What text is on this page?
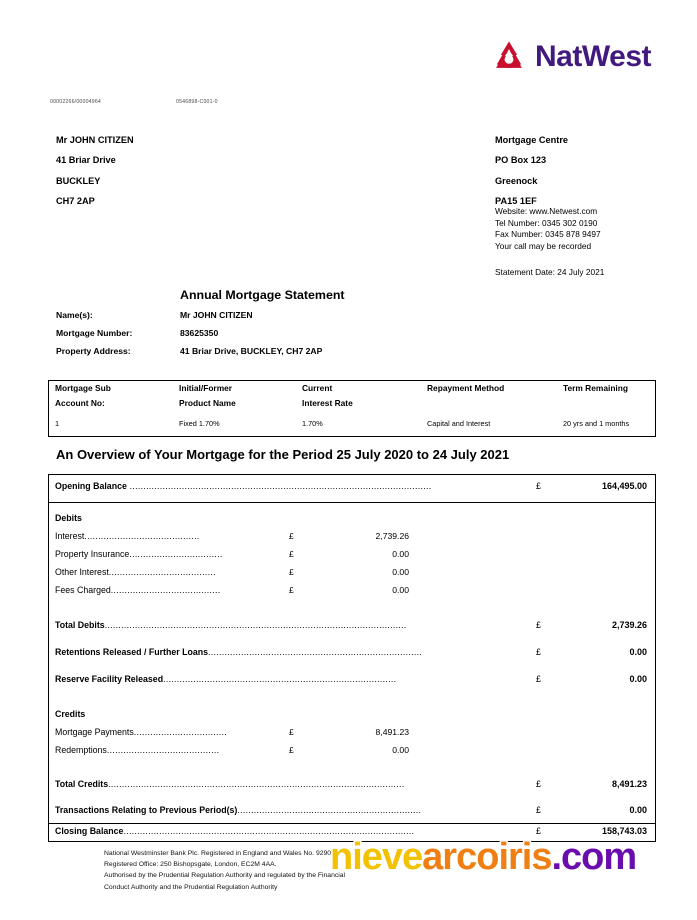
NatWest
00002266/00004964	0546898-C001-0
Mr JOHN CITIZEN
41 Briar Drive
BUCKLEY
CH7 2AP
Mortgage Centre
PO Box 123
Greenock
PA15 1EF
Website: www.Netwest.com
Tel Number: 0345 302 0190
Fax Number: 0345 878 9497
Your call may be recorded
Statement Date: 24 July 2021
Annual Mortgage Statement
Name(s):	Mr JOHN CITIZEN
Mortgage Number:	83625350
Property Address:	41 Briar Drive, BUCKLEY, CH7 2AP
Mortgage Sub	Initial/Former	Current	Repayment Method	Term Remaining
Account No:	Product Name	Interest Rate
1	Fixed 1.70%	1.70%	Capital and Interest	20 yrs and 1 months
An Overview of Your Mortgage for the Period 25 July 2020 to 24 July 2021
Opening Balance ..............................................................................................................	£	164,495.00
Debits
Interest..........................................	£	2,739.26
Property Insurance..................................	£	0.00
Other Interest.......................................	£	0.00
Fees Charged........................................	£	0.00
Total Debits..............................................................................................................	£	2,739.26
Retentions Released / Further Loans..............................................................................	£	0.00
Reserve Facility Released.....................................................................................	£	0.00
Credits
Mortgage Payments..................................	£	8,491.23
Redemptions.........................................	£	0.00
Total Credits............................................................................................................	£	8,491.23
Transactions Relating to Previous Period(s)...................................................................	£	0.00
Closing Balance..........................................................................................................	£	158,743.03
National Westminster Bank Plc. Registered in England and Wales No. 929027
Registered Office: 250 Bishopsgate, London, EC2M 4AA.
Authorised by the Prudential Regulation Authority and regulated by the Financial
Conduct Authority and the Prudential Regulation Authority
nievearcoiris.com
